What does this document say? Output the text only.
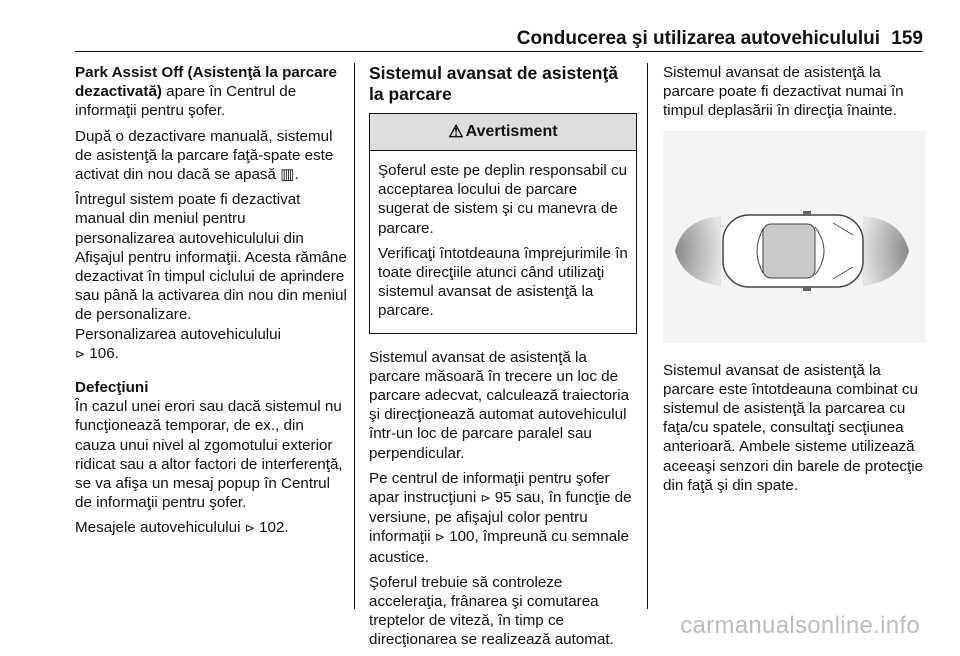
Conducerea şi utilizarea autovehiculului 159

Park Assist Off (Asistenţă la parcare dezactivată) apare în Centrul de informaţii pentru şofer.

După o dezactivare manuală, sistemul de asistenţă la parcare faţă-spate este activat din nou dacă se apasă ▥.

Întregul sistem poate fi dezactivat manual din meniul pentru personalizarea autovehiculului din Afişajul pentru informaţii. Acesta rămâne dezactivat în timpul ciclului de aprindere sau până la activarea din nou din meniul de personalizare.
Personalizarea autovehiculului
⊳ 106.

Defecţiuni
În cazul unei erori sau dacă sistemul nu funcţionează temporar, de ex., din cauza unui nivel al zgomotului exterior ridicat sau a altor factori de interferenţă, se va afişa un mesaj popup în Centrul de informaţii pentru şofer.

Mesajele autovehiculului ⊳ 102.

Sistemul avansat de asistenţă la parcare
⚠ Avertisment

Şoferul este pe deplin responsabil cu acceptarea locului de parcare sugerat de sistem şi cu manevra de parcare.

Verificaţi întotdeauna împrejurimile în toate direcţiile atunci când utilizaţi sistemul avansat de asistenţă la parcare.

Sistemul avansat de asistenţă la parcare măsoară în trecere un loc de parcare adecvat, calculează traiectoria şi direcţionează automat autovehiculul într-un loc de parcare paralel sau perpendicular.

Pe centrul de informaţii pentru şofer apar instrucţiuni ⊳ 95 sau, în funcţie de versiune, pe afişajul color pentru informaţii ⊳ 100, împreună cu semnale acustice.

Şoferul trebuie să controleze acceleraţia, frânarea şi comutarea treptelor de viteză, în timp ce direcţionarea se realizează automat.

Sistemul avansat de asistenţă la parcare poate fi dezactivat numai în timpul deplasării în direcţia înainte.

Sistemul avansat de asistenţă la parcare este întotdeauna combinat cu sistemul de asistenţă la parcarea cu faţa/cu spatele, consultaţi secţiunea anterioară. Ambele sisteme utilizează aceeaşi senzori din barele de protecţie din faţă şi din spate.

carmanualsonline.info
